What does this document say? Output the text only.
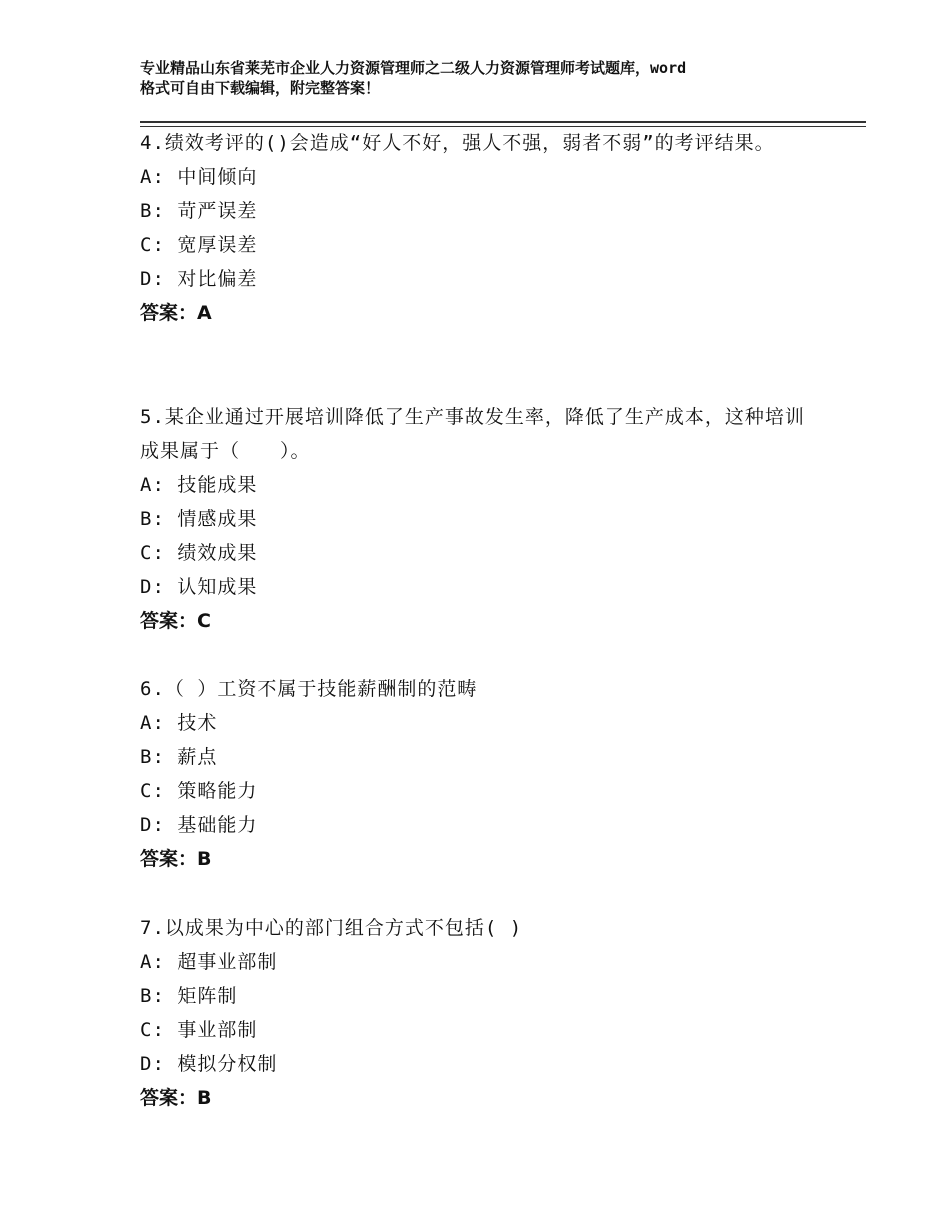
专业精品山东省莱芜市企业人力资源管理师之二级人力资源管理师考试题库，word
格式可自由下载编辑，附完整答案！

4.绩效考评的()会造成“好人不好，强人不强，弱者不弱”的考评结果。

A: 中间倾向

B: 苛严误差

C: 宽厚误差

D: 对比偏差

答案：A

5.某企业通过开展培训降低了生产事故发生率，降低了生产成本，这种培训成果属于（　　）。

A: 技能成果

B: 情感成果

C: 绩效成果

D: 认知成果

答案：C

6.（ ）工资不属于技能薪酬制的范畴

A: 技术

B: 薪点

C: 策略能力

D: 基础能力

答案：B

7.以成果为中心的部门组合方式不包括( )

A: 超事业部制

B: 矩阵制

C: 事业部制

D: 模拟分权制

答案：B
